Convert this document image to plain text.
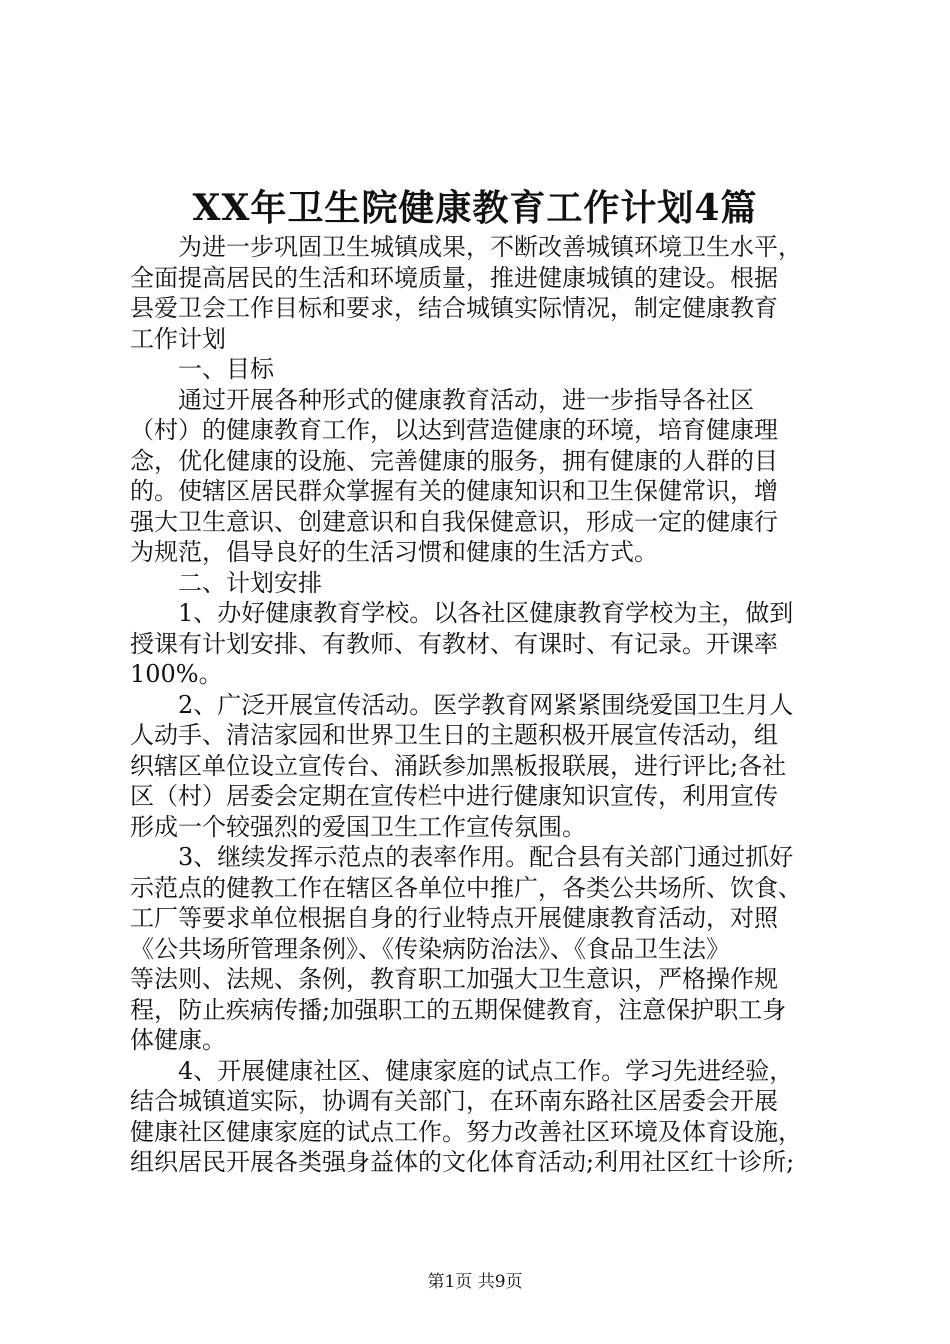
XX年卫生院健康教育工作计划4篇
为进一步巩固卫生城镇成果，不断改善城镇环境卫生水平，
全面提高居民的生活和环境质量，推进健康城镇的建设。根据
县爱卫会工作目标和要求，结合城镇实际情况，制定健康教育
工作计划
一、目标
通过开展各种形式的健康教育活动，进一步指导各社区
（村）的健康教育工作，以达到营造健康的环境，培育健康理
念，优化健康的设施、完善健康的服务，拥有健康的人群的目
的。使辖区居民群众掌握有关的健康知识和卫生保健常识，增
强大卫生意识、创建意识和自我保健意识，形成一定的健康行
为规范，倡导良好的生活习惯和健康的生活方式。
二、计划安排
1、办好健康教育学校。以各社区健康教育学校为主，做到
授课有计划安排、有教师、有教材、有课时、有记录。开课率
100%。
2、广泛开展宣传活动。医学教育网紧紧围绕爱国卫生月人
人动手、清洁家园和世界卫生日的主题积极开展宣传活动，组
织辖区单位设立宣传台、涌跃参加黑板报联展，进行评比;各社
区（村）居委会定期在宣传栏中进行健康知识宣传，利用宣传
形成一个较强烈的爱国卫生工作宣传氛围。
3、继续发挥示范点的表率作用。配合县有关部门通过抓好
示范点的健教工作在辖区各单位中推广，各类公共场所、饮食、
工厂等要求单位根据自身的行业特点开展健康教育活动，对照
《公共场所管理条例》、《传染病防治法》、《食品卫生法》
等法则、法规、条例，教育职工加强大卫生意识，严格操作规
程，防止疾病传播;加强职工的五期保健教育，注意保护职工身
体健康。
4、开展健康社区、健康家庭的试点工作。学习先进经验，
结合城镇道实际，协调有关部门，在环南东路社区居委会开展
健康社区健康家庭的试点工作。努力改善社区环境及体育设施，
组织居民开展各类强身益体的文化体育活动;利用社区红十诊所;
第1页 共9页
